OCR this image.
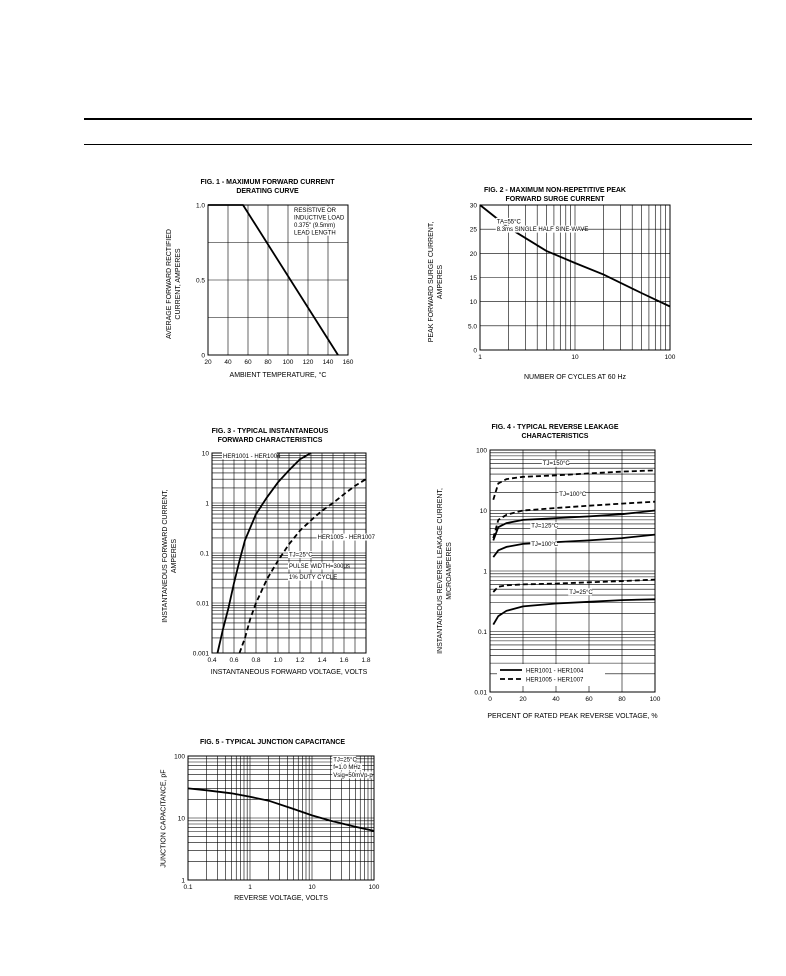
FIG. 1 - MAXIMUM FORWARD CURRENT
DERATING CURVE
20 40 60 80 100 120 140 160
0
0.5
1.0
RESISTIVE OR
INDUCTIVE LOAD
0.375" (9.5mm)
LEAD LENGTH
AMBIENT TEMPERATURE, °C
AVERAGE FORWARD RECTIFIED CURRENT, AMPERES
FIG. 2 - MAXIMUM NON-REPETITIVE PEAK
FORWARD SURGE CURRENT
1	10	100
0
5.0
10
15
20
25
30
TA=55°C
8.3ms SINGLE HALF SINE-WAVE
NUMBER OF CYCLES AT 60 Hz
PEAK FORWARD SURGE CURRENT, AMPERES
FIG. 3 - TYPICAL INSTANTANEOUS
FORWARD CHARACTERISTICS
0.4 0.6 0.8 1.0 1.2 1.4 1.6 1.8
0.001
0.01
0.1
1
10 HER1001 - HER1004
HER1005 - HER1007
TJ=25°C
PULSE WIDTH=300μs
1% DUTY CYCLE
INSTANTANEOUS FORWARD VOLTAGE, VOLTS
INSTANTANEOUS FORWARD CURRENT, AMPERES
FIG. 4 - TYPICAL REVERSE LEAKAGE
CHARACTERISTICS
0	20	40	60	80	100
0.01
0.1
1
10
100
TJ=150°C
TJ=100°C
TJ=125°C
TJ=100°C
TJ=25°C
HER1001 - HER1004
HER1005 - HER1007
PERCENT OF RATED PEAK REVERSE VOLTAGE, %
INSTANTANEOUS REVERSE LEAKAGE CURRENT, MICROAMPERES
FIG. 5 - TYPICAL JUNCTION CAPACITANCE
0.1	1	10	100
1
10
100	TJ=25°C
f=1.0 MHz
Vsig=50mVp-p
REVERSE VOLTAGE, VOLTS
JUNCTION CAPACITANCE, pF
